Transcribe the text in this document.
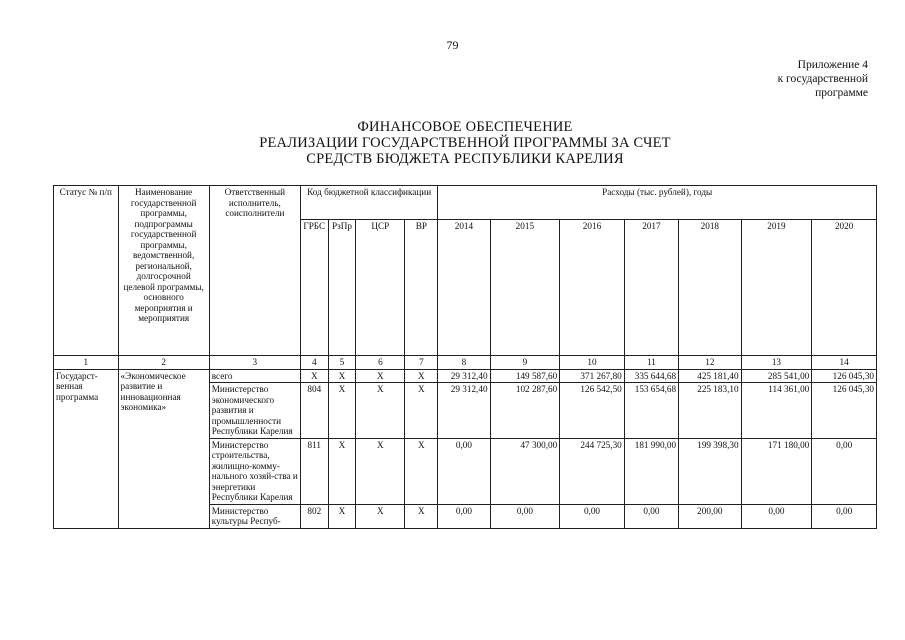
79
Приложение 4
к государственной
программе
ФИНАНСОВОЕ ОБЕСПЕЧЕНИЕ
РЕАЛИЗАЦИИ ГОСУДАРСТВЕННОЙ ПРОГРАММЫ ЗА СЧЕТ
СРЕДСТВ БЮДЖЕТА РЕСПУБЛИКИ КАРЕЛИЯ
Статус № п/п	Наименование государственной программы, подпрограммы государственной программы, ведомственной, региональной, долгосрочной целевой программы, основного мероприятия и мероприятия	Ответственный исполнитель, соисполнители	Код бюджетной классификации				Расходы (тыс. рублей), годы						
			ГРБС	РзПр	ЦСР	ВР	2014	2015	2016	2017	2018	2019	2020
1	2	3	4	5	6	7	8	9	10	11	12	13	14
Государст-венная программа	«Экономическое развитие и инновационная экономика»	всего	Х	Х	Х	Х	29 312,40	149 587,60	371 267,80	335 644,68	425 181,40	285 541,00	126 045,30
		Министерство экономического развития и промышленности Республики Карелия	804	Х	Х	Х	29 312,40	102 287,60	126 542,50	153 654,68	225 183,10	114 361,00	126 045,30
		Министерство строительства, жилищно-комму-нального хозяй-ства и энергетики Республики Карелия	811	Х	Х	Х	0,00	47 300,00	244 725,30	181 990,00	199 398,30	171 180,00	0,00
		Министерство культуры Респуб-	802	Х	Х	Х	0,00	0,00	0,00	0,00	200,00	0,00	0,00
